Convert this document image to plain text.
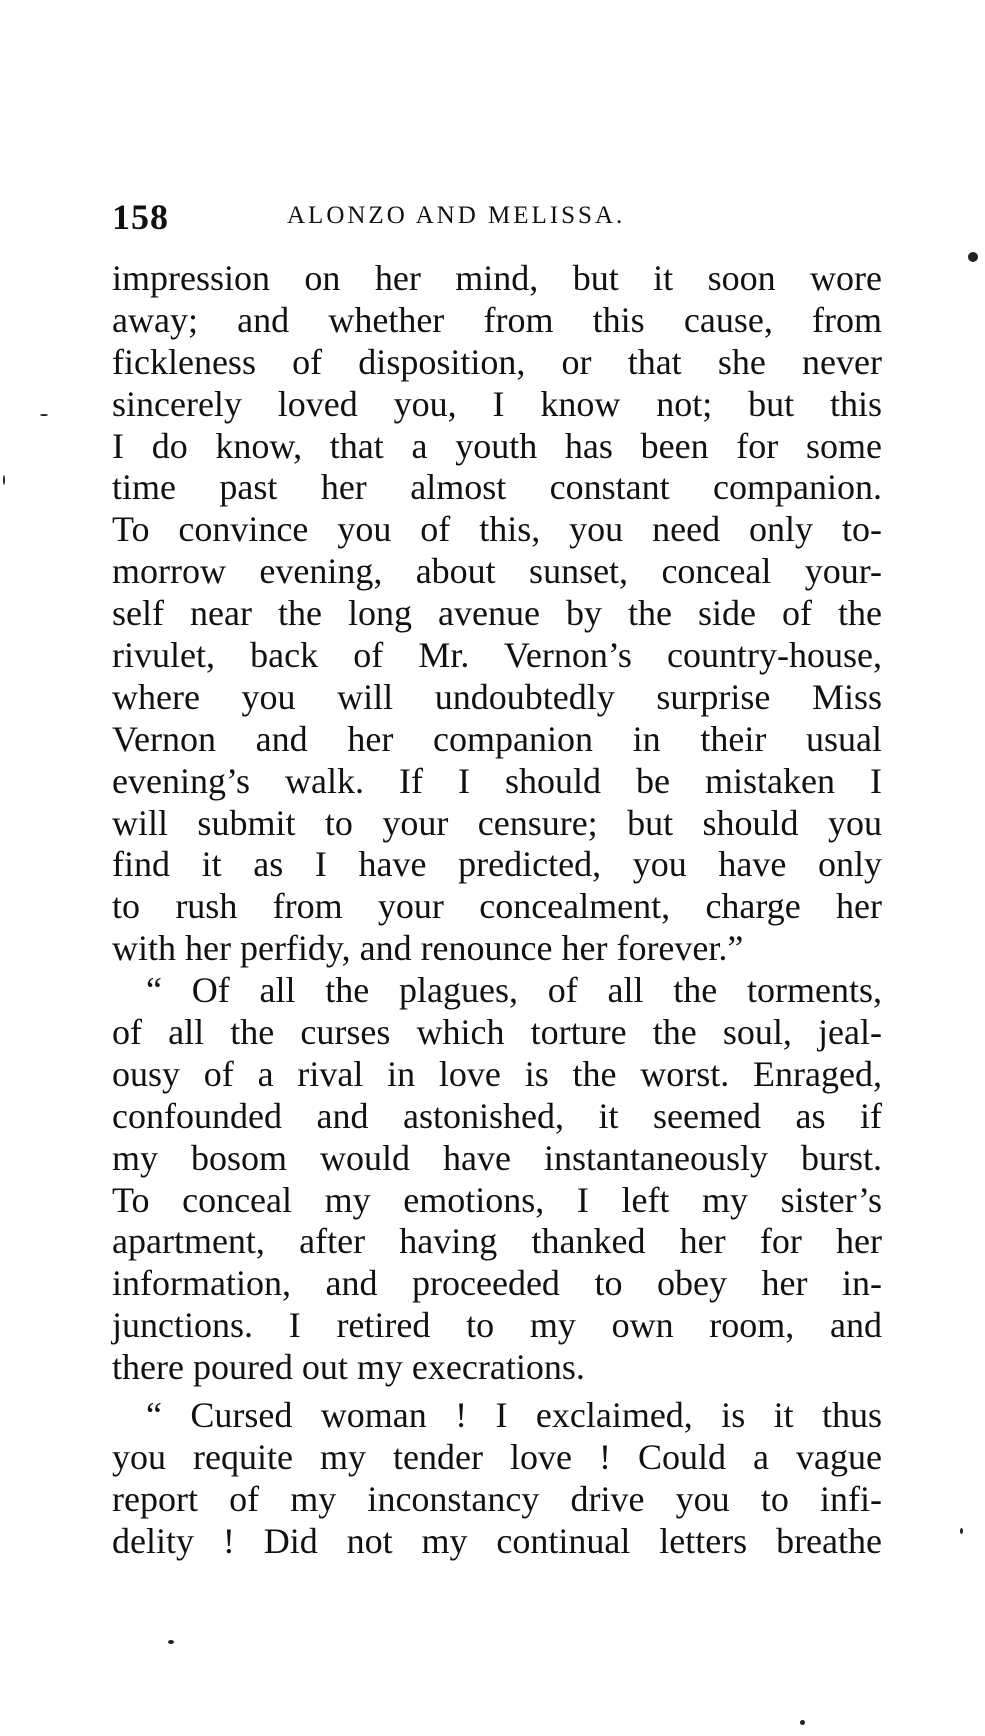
158	ALONZO AND MELISSA.
impression on her mind, but it soon wore
away; and whether from this cause, from
fickleness of disposition, or that she never
sincerely loved you, I know not; but this
I do know, that a youth has been for some
time past her almost constant companion.
To convince you of this, you need only to-
morrow evening, about sunset, conceal your-
self near the long avenue by the side of the
rivulet, back of Mr. Vernon’s country-house,
where you will undoubtedly surprise Miss
Vernon and her companion in their usual
evening’s walk. If I should be mistaken I
will submit to your censure; but should you
find it as I have predicted, you have only
to rush from your concealment, charge her
with her perfidy, and renounce her forever.”
“ Of all the plagues, of all the torments,
of all the curses which torture the soul, jeal-
ousy of a rival in love is the worst. Enraged,
confounded and astonished, it seemed as if
my bosom would have instantaneously burst.
To conceal my emotions, I left my sister’s
apartment, after having thanked her for her
information, and proceeded to obey her in-
junctions. I retired to my own room, and
there poured out my execrations.
“ Cursed woman ! I exclaimed, is it thus
you requite my tender love ! Could a vague
report of my inconstancy drive you to infi-
delity ! Did not my continual letters breathe
